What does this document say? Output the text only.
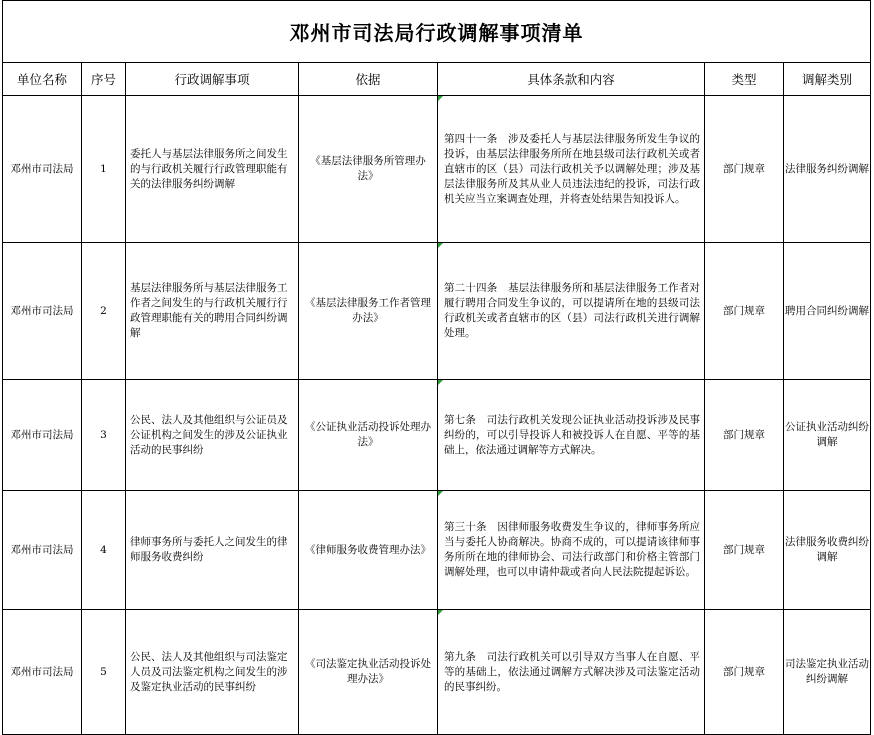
邓州市司法局行政调解事项清单						
单位名称	序号	行政调解事项	依据	具体条款和内容	类型	调解类别
邓州市司法局	1	委托人与基层法律服务所之间发生的与行政机关履行行政管理职能有关的法律服务纠纷调解	《基层法律服务所管理办法》	第四十一条　涉及委托人与基层法律服务所发生争议的投诉，由基层法律服务所所在地县级司法行政机关或者直辖市的区（县）司法行政机关予以调解处理；涉及基层法律服务所及其从业人员违法违纪的投诉，司法行政机关应当立案调查处理，并将查处结果告知投诉人。	部门规章	法律服务纠纷调解
邓州市司法局	2	基层法律服务所与基层法律服务工作者之间发生的与行政机关履行行政管理职能有关的聘用合同纠纷调解	《基层法律服务工作者管理办法》	第二十四条　基层法律服务所和基层法律服务工作者对履行聘用合同发生争议的，可以提请所在地的县级司法行政机关或者直辖市的区（县）司法行政机关进行调解处理。	部门规章	聘用合同纠纷调解
邓州市司法局	3	公民、法人及其他组织与公证员及公证机构之间发生的涉及公证执业活动的民事纠纷	《公证执业活动投诉处理办法》	第七条　司法行政机关发现公证执业活动投诉涉及民事纠纷的，可以引导投诉人和被投诉人在自愿、平等的基础上，依法通过调解等方式解决。	部门规章	公证执业活动纠纷调解
邓州市司法局	4	律师事务所与委托人之间发生的律师服务收费纠纷	《律师服务收费管理办法》	第三十条　因律师服务收费发生争议的，律师事务所应当与委托人协商解决。协商不成的，可以提请该律师事务所所在地的律师协会、司法行政部门和价格主管部门调解处理，也可以申请仲裁或者向人民法院提起诉讼。	部门规章	法律服务收费纠纷调解
邓州市司法局	5	公民、法人及其他组织与司法鉴定人员及司法鉴定机构之间发生的涉及鉴定执业活动的民事纠纷	《司法鉴定执业活动投诉处理办法》	第九条　司法行政机关可以引导双方当事人在自愿、平等的基础上，依法通过调解方式解决涉及司法鉴定活动的民事纠纷。	部门规章	司法鉴定执业活动纠纷调解
